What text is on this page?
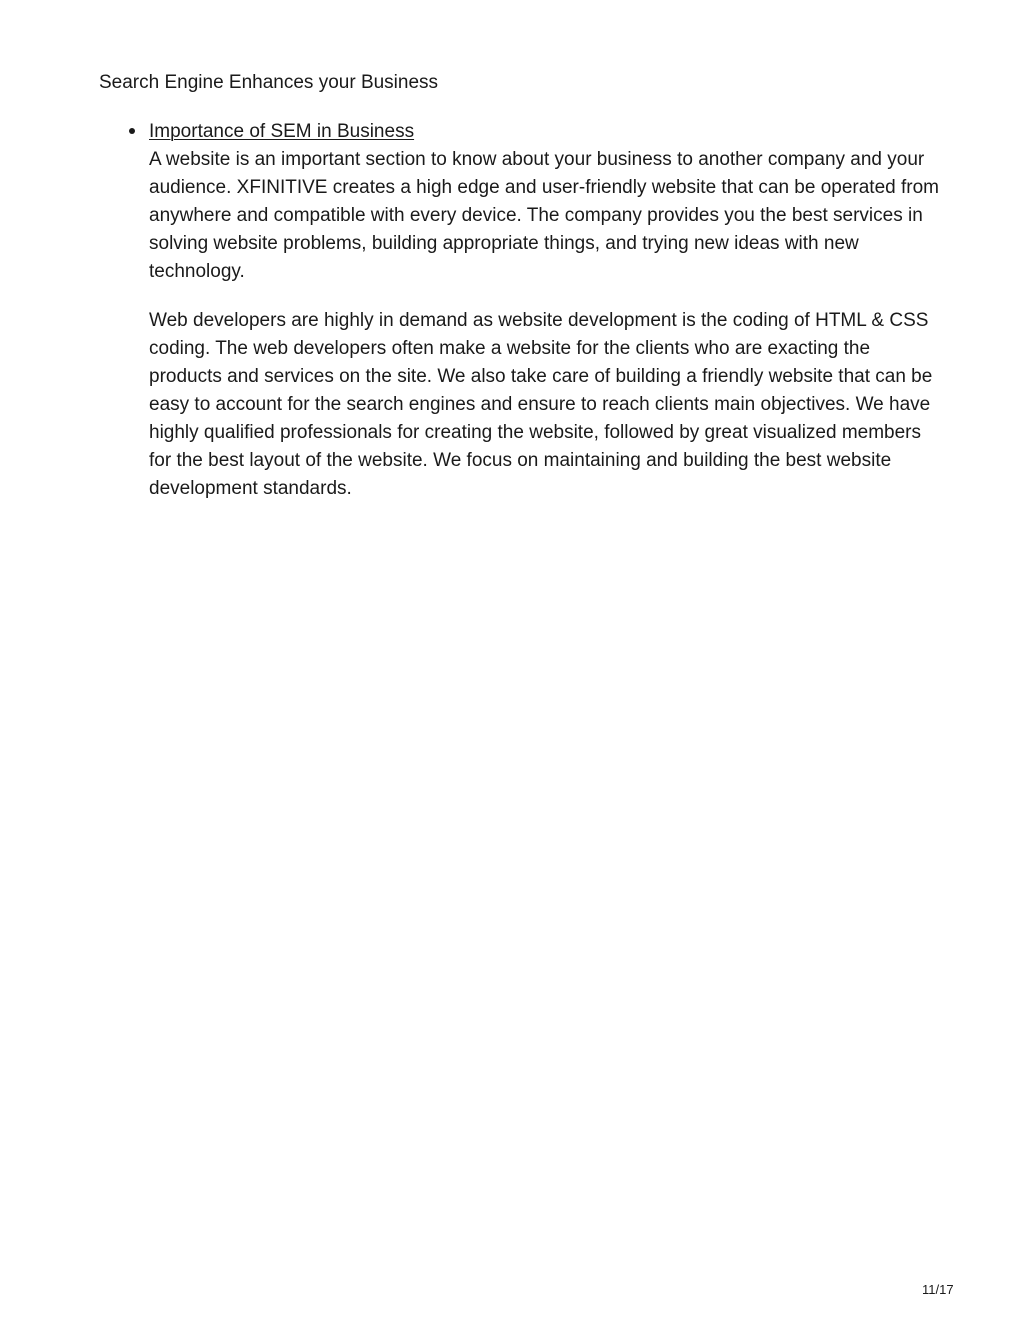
Search Engine Enhances your Business
Importance of SEM in Business

A website is an important section to know about your business to another company and your audience. XFINITIVE creates a high edge and user-friendly website that can be operated from anywhere and compatible with every device. The company provides you the best services in solving website problems, building appropriate things, and trying new ideas with new technology.

Web developers are highly in demand as website development is the coding of HTML & CSS coding. The web developers often make a website for the clients who are exacting the products and services on the site. We also take care of building a friendly website that can be easy to account for the search engines and ensure to reach clients main objectives. We have highly qualified professionals for creating the website, followed by great visualized members for the best layout of the website. We focus on maintaining and building the best website development standards.

11/17
